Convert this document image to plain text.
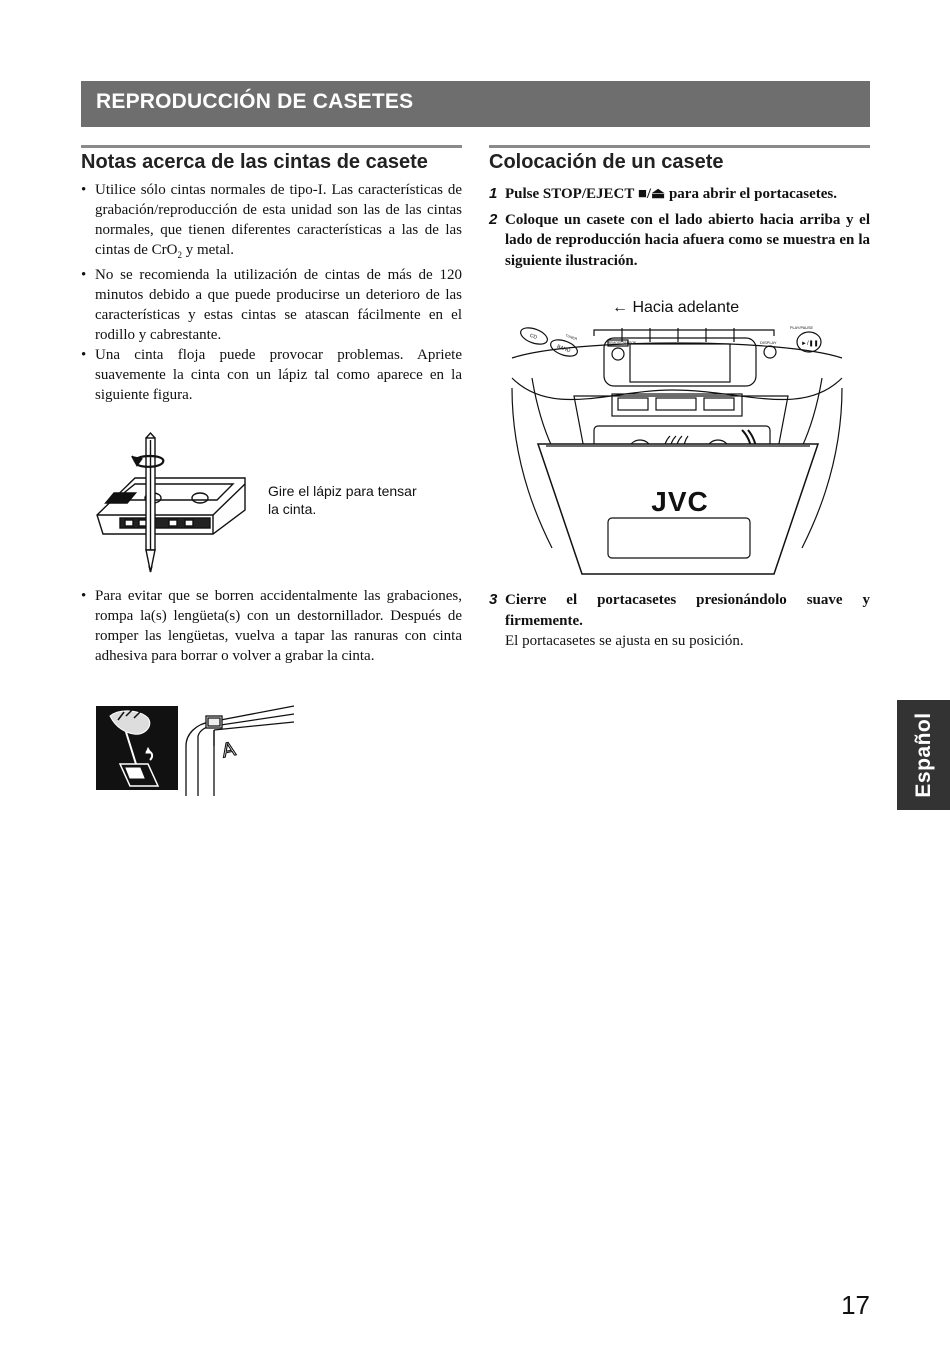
REPRODUCCIÓN DE CASETES
Notas acerca de las cintas de casete

• Utilice sólo cintas normales de tipo-I. Las características de grabación/reproducción de esta unidad son las de las cintas normales, que tienen diferentes características a las de las cintas de CrO$_2$ y metal.

• No se recomienda la utilización de cintas de más de 120 minutos debido a que puede producirse un deterioro de las características y estas cintas se atascan fácilmente en el rodillo y cabrestante.

• Una cinta floja puede provocar problemas. Apriete suavemente la cinta con un lápiz tal como aparece en la siguiente figura.

Gire el lápiz para tensar
la cinta.

• Para evitar que se borren accidentalmente las grabaciones, rompa la(s) lengüeta(s) con un destornillador. Después de romper las lengüetas, vuelva a tapar las ranuras con cinta adhesiva para borrar o volver a grabar la cinta.

A
Colocación de un casete
1 Pulse STOP/EJECT ■/⏏ para abrir el portacasetes.
2 Coloque un casete con el lado abierto hacia arriba y el lado de reproducción hacia afuera como se muestra en la siguiente ilustración.
← Hacia adelante
JVC
CD
BAND
TUNER
REMOTE SENSOR	DISPLAY
PLAY/PAUSE
►/❚❚
3 Cierre el portacasetes presionándolo suave y firmemente.
El portacasetes se ajusta en su posición.
Español
17
